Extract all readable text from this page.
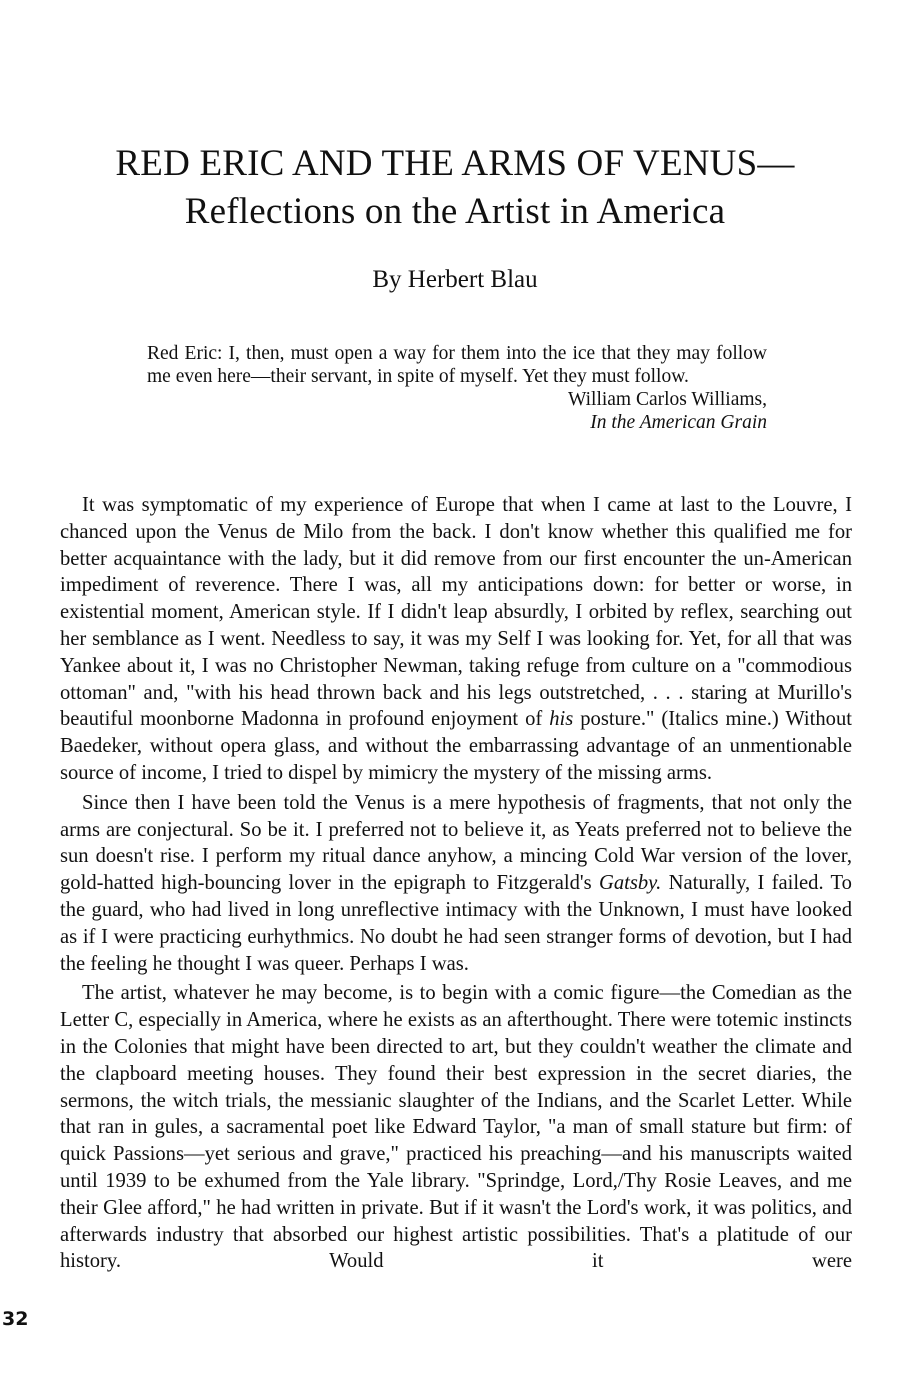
RED ERIC AND THE ARMS OF VENUS—
Reflections on the Artist in America

By Herbert Blau

Red Eric: I, then, must open a way for them into the ice that they may follow me even here—their servant, in spite of myself. Yet they must follow.

William Carlos Williams,
In the American Grain

It was symptomatic of my experience of Europe that when I came at last to the Louvre, I chanced upon the Venus de Milo from the back. I don't know whether this qualified me for better acquaintance with the lady, but it did remove from our first encounter the un-American impediment of reverence. There I was, all my anticipations down: for better or worse, in existential moment, American style. If I didn't leap absurdly, I orbited by reflex, searching out her semblance as I went. Needless to say, it was my Self I was looking for. Yet, for all that was Yankee about it, I was no Christopher Newman, taking refuge from culture on a "commodious ottoman" and, "with his head thrown back and his legs outstretched, . . . staring at Murillo's beautiful moonborne Madonna in profound enjoyment of his posture." (Italics mine.) Without Baedeker, without opera glass, and without the embarrassing advantage of an unmentionable source of income, I tried to dispel by mimicry the mystery of the missing arms.

Since then I have been told the Venus is a mere hypothesis of fragments, that not only the arms are conjectural. So be it. I preferred not to believe it, as Yeats preferred not to believe the sun doesn't rise. I perform my ritual dance anyhow, a mincing Cold War version of the lover, gold-hatted high-bouncing lover in the epigraph to Fitzgerald's Gatsby. Naturally, I failed. To the guard, who had lived in long unreflective intimacy with the Unknown, I must have looked as if I were practicing eurhythmics. No doubt he had seen stranger forms of devotion, but I had the feeling he thought I was queer. Perhaps I was.

The artist, whatever he may become, is to begin with a comic figure—the Comedian as the Letter C, especially in America, where he exists as an afterthought. There were totemic instincts in the Colonies that might have been directed to art, but they couldn't weather the climate and the clapboard meeting houses. They found their best expression in the secret diaries, the sermons, the witch trials, the messianic slaughter of the Indians, and the Scarlet Letter. While that ran in gules, a sacramental poet like Edward Taylor, "a man of small stature but firm: of quick Passions—yet serious and grave," practiced his preaching—and his manuscripts waited until 1939 to be exhumed from the Yale library. "Sprindge, Lord,/Thy Rosie Leaves, and me their Glee afford," he had written in private. But if it wasn't the Lord's work, it was politics, and afterwards industry that absorbed our highest artistic possibilities. That's a platitude of our history. Would it were

32
